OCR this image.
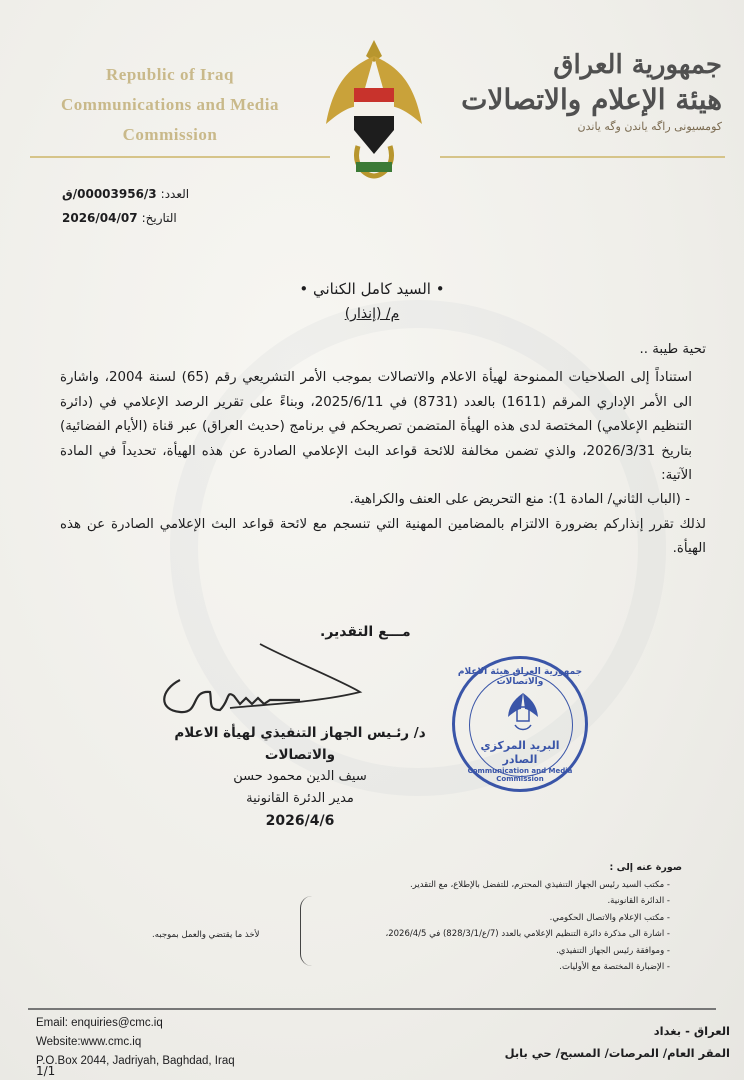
Republic of Iraq
Communications and Media
Commission
جمهورية العراق
هيئة الإعلام والاتصالات
كومسيونى راگه ياندن وگه ياندن
العدد:
00003956/3/ق
التاريخ:
2026/04/07
• السيد كامل الكناني •
م/ (إنذار)

تحية طيبة ..

استناداً إلى الصلاحيات الممنوحة لهيأة الاعلام والاتصالات بموجب الأمر التشريعي رقم (65) لسنة 2004، واشارة الى الأمر الإداري المرقم (1611) بالعدد (8731) في 2025/6/11، وبناءً على تقرير الرصد الإعلامي في (دائرة التنظيم الإعلامي) المختصة لدى هذه الهيأة المتضمن تصريحكم في برنامج (حديث العراق) عبر قناة (الأيام الفضائية) بتاريخ 2026/3/31، والذي تضمن مخالفة للائحة قواعد البث الإعلامي الصادرة عن هذه الهيأة، تحديداً في المادة الآتية:

- (الباب الثاني/ المادة 1): منع التحريض على العنف والكراهية.

لذلك تقرر إنذاركم بضرورة الالتزام بالمضامين المهنية التي تنسجم مع لائحة قواعد البث الإعلامي الصادرة عن هذه الهيأة.

مـــع التقدير.
د/ رئـيس الجهاز التنفيذي لهيأة الاعلام والاتصالات
سيف الدين محمود حسن
مدير الدئرة القانونية
2026/4/6
جمهورية العراق هيئة الاعلام والاتصالات
البريد المركزي
الصادر
Communication and Media Commission
صورة عنه إلى :
- مكتب السيد رئيس الجهاز التنفيذي المحترم، للتفضل بالإطلاع، مع التقدير.
- الدائرة القانونية.
- مكتب الإعلام والاتصال الحكومي.
- اشارة الى مذكرة دائرة التنظيم الإعلامي بالعدد (7/ع/828/3/1) في 2026/4/5،
- وموافقة رئيس الجهاز التنفيذي.
- الإضبارة المختصة مع الأوليات.
لأخذ ما يقتضي والعمل بموجبه.
Email: enquiries@cmc.iq
Website:www.cmc.iq
P.O.Box 2044, Jadriyah, Baghdad, Iraq
العراق - بغداد
المقر العام/ المرصات/ المسبح/ حي بابل
1/1
